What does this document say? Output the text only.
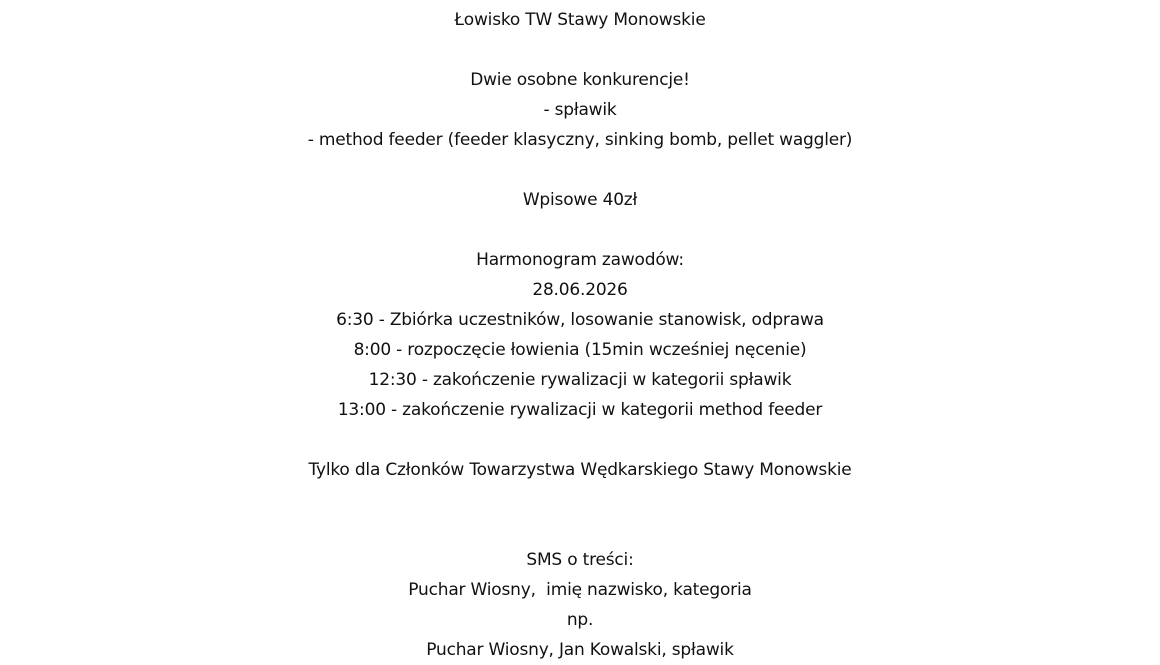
Łowisko TW Stawy Monowskie
Dwie osobne konkurencje!
- spławik
- method feeder (feeder klasyczny, sinking bomb, pellet waggler)
Wpisowe 40zł
Harmonogram zawodów:
28.06.2026
6:30 - Zbiórka uczestników, losowanie stanowisk, odprawa
8:00 - rozpoczęcie łowienia (15min wcześniej nęcenie)
12:30 - zakończenie rywalizacji w kategorii spławik
13:00 - zakończenie rywalizacji w kategorii method feeder
Tylko dla Członków Towarzystwa Wędkarskiego Stawy Monowskie
SMS o treści:
Puchar Wiosny,  imię nazwisko, kategoria
np.
Puchar Wiosny, Jan Kowalski, spławik
